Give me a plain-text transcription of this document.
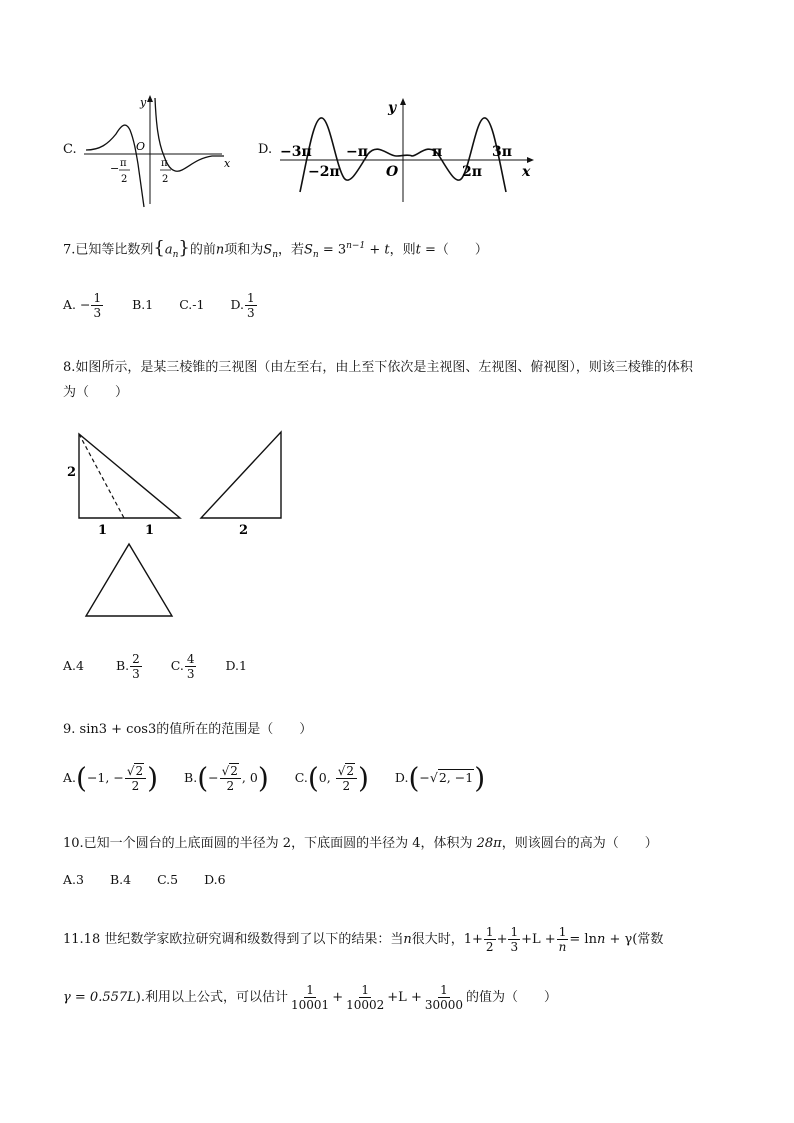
C.
y
O
x
− π
2
π
2
D.
y
O	x
−3π −π
−2π
π
2π
3π
7.已知等比数列$\{a_n\}$的前n项和为$S_n$，若$S_n = 3^{n-1} + t$，则t =（　　）
A. − $\frac{1}{3} B.1$ C.-1 D. $\frac{1}{3}$
8.如图所示，是某三棱锥的三视图（由左至右，由上至下依次是主视图、左视图、俯视图），则该三棱锥的体积
为（　　）
2
1	1	2
A.4	B. $\frac{2}{3} C$. $\frac{4}{3} D.1$
9. sin3 + cos3的值所在的范围是（　　）
A.(−1, − $\frac{√2}{2}$ ) $B.(- \frac{√2}{2}$ , 0) C.(0, $\frac{√2}{2}$ ) D.(−√2, −1)
10.已知一个圆台的上底面圆的半径为 2，下底面圆的半径为 4，体积为 28π，则该圆台的高为（　　）
A.3 B.4 C.5 D.6
11.18 世纪数学家欧拉研究调和级数得到了以下的结果：当n很大时，$1+ \frac{1}{2} + \frac{1}{3} +L + \frac{1}{n} = \ln n + \gamma$(常数
γ = 0.557L).利用以上公式，可以估计 $\frac{1}{10001} + \frac{1}{10002} +L + \frac{1}{30000}$ 的值为（　　）
